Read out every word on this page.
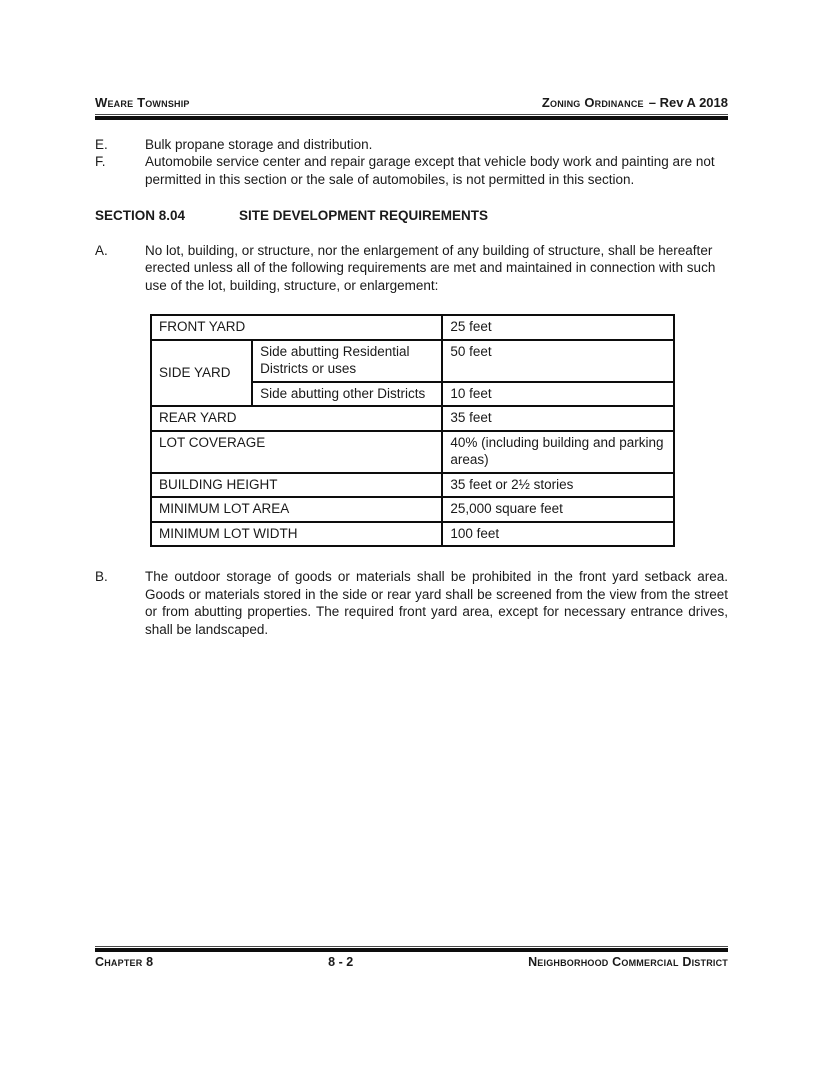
Weare Township	Zoning Ordinance – Rev A 2018
E.	Bulk propane storage and distribution.
F.	Automobile service center and repair garage except that vehicle body work and painting are not permitted in this section or the sale of automobiles, is not permitted in this section.
SECTION 8.04	SITE DEVELOPMENT REQUIREMENTS
A.	No lot, building, or structure, nor the enlargement of any building of structure, shall be hereafter erected unless all of the following requirements are met and maintained in connection with such use of the lot, building, structure, or enlargement:
FRONT YARD		25 feet
SIDE YARD	Side abutting Residential Districts or uses	50 feet
	Side abutting other Districts	10 feet
REAR YARD		35 feet
LOT COVERAGE		40% (including building and parking areas)
BUILDING HEIGHT		35 feet or 2½ stories
MINIMUM LOT AREA		25,000 square feet
MINIMUM LOT WIDTH		100 feet
B.	The outdoor storage of goods or materials shall be prohibited in the front yard setback area. Goods or materials stored in the side or rear yard shall be screened from the view from the street or from abutting properties. The required front yard area, except for necessary entrance drives, shall be landscaped.
Chapter 8	8 - 2	Neighborhood Commercial District
